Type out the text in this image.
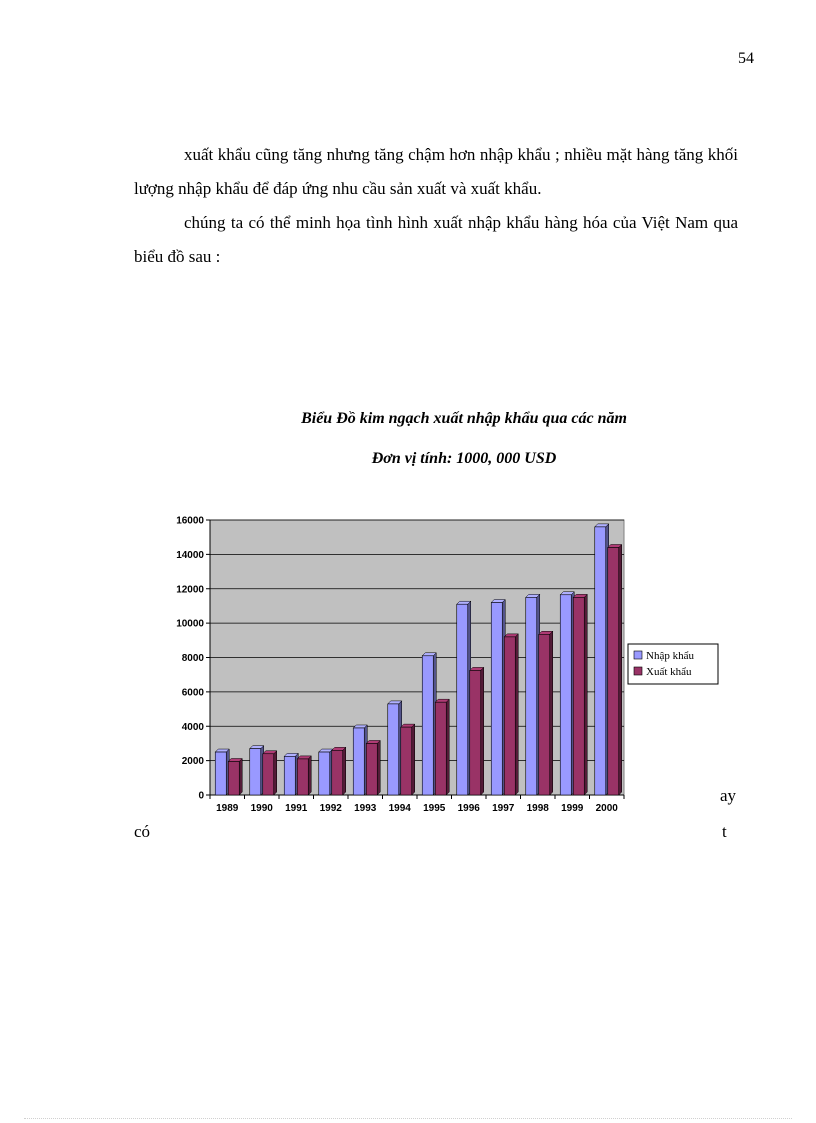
54

xuất khẩu cũng tăng nhưng tăng chậm hơn nhập khẩu ; nhiều mặt hàng tăng khối lượng nhập khẩu để đáp ứng nhu cầu sản xuất và xuất khẩu.

chúng ta có thể minh họa tình hình xuất nhập khẩu hàng hóa của Việt Nam qua biểu đồ sau :

Biểu Đồ kim ngạch xuất nhập khẩu qua các năm
Đơn vị tính: 1000, 000 USD
0
2000
4000
6000
8000
10000
12000
14000
16000
1989 1990 1991 1992 1993 1994 1995 1996 1997 1998 1999 2000
Nhập khẩu
Xuất khẩu
ay
có	t
